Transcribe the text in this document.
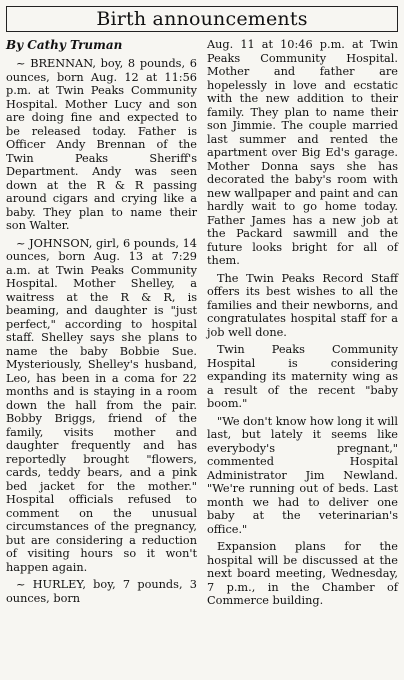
Birth announcements
By Cathy Truman

~ BRENNAN, boy, 8 pounds, 6 ounces, born Aug. 12 at 11:56 p.m. at Twin Peaks Community Hospital. Mother Lucy and son are doing fine and expected to be released today. Father is Officer Andy Brennan of the Twin Peaks Sheriff's Department. Andy was seen down at the R & R passing around cigars and crying like a baby. They plan to name their son Walter.

~ JOHNSON, girl, 6 pounds, 14 ounces, born Aug. 13 at 7:29 a.m. at Twin Peaks Community Hospital. Mother Shelley, a waitress at the R & R, is beaming, and daughter is "just perfect," according to hospital staff. Shelley says she plans to name the baby Bobbie Sue. Mysteriously, Shelley's husband, Leo, has been in a coma for 22 months and is staying in a room down the hall from the pair. Bobby Briggs, friend of the family, visits mother and daughter frequently and has reportedly brought "flowers, cards, teddy bears, and a pink bed jacket for the mother." Hospital officials refused to comment on the unusual circumstances of the pregnancy, but are considering a reduction of visiting hours so it won't happen again.

~ HURLEY, boy, 7 pounds, 3 ounces, born

Aug. 11 at 10:46 p.m. at Twin Peaks Community Hospital. Mother and father are hopelessly in love and ecstatic with the new addition to their family. They plan to name their son Jimmie. The couple married last summer and rented the apartment over Big Ed's garage. Mother Donna says she has decorated the baby's room with new wallpaper and paint and can hardly wait to go home today. Father James has a new job at the Packard sawmill and the future looks bright for all of them.

The Twin Peaks Record Staff offers its best wishes to all the families and their newborns, and congratulates hospital staff for a job well done.

Twin Peaks Community Hospital is considering expanding its maternity wing as a result of the recent "baby boom."

"We don't know how long it will last, but lately it seems like everybody's pregnant," commented Hospital Administrator Jim Newland. "We're running out of beds. Last month we had to deliver one baby at the veterinarian's office."

Expansion plans for the hospital will be discussed at the next board meeting, Wednesday, 7 p.m., in the Chamber of Commerce building.
